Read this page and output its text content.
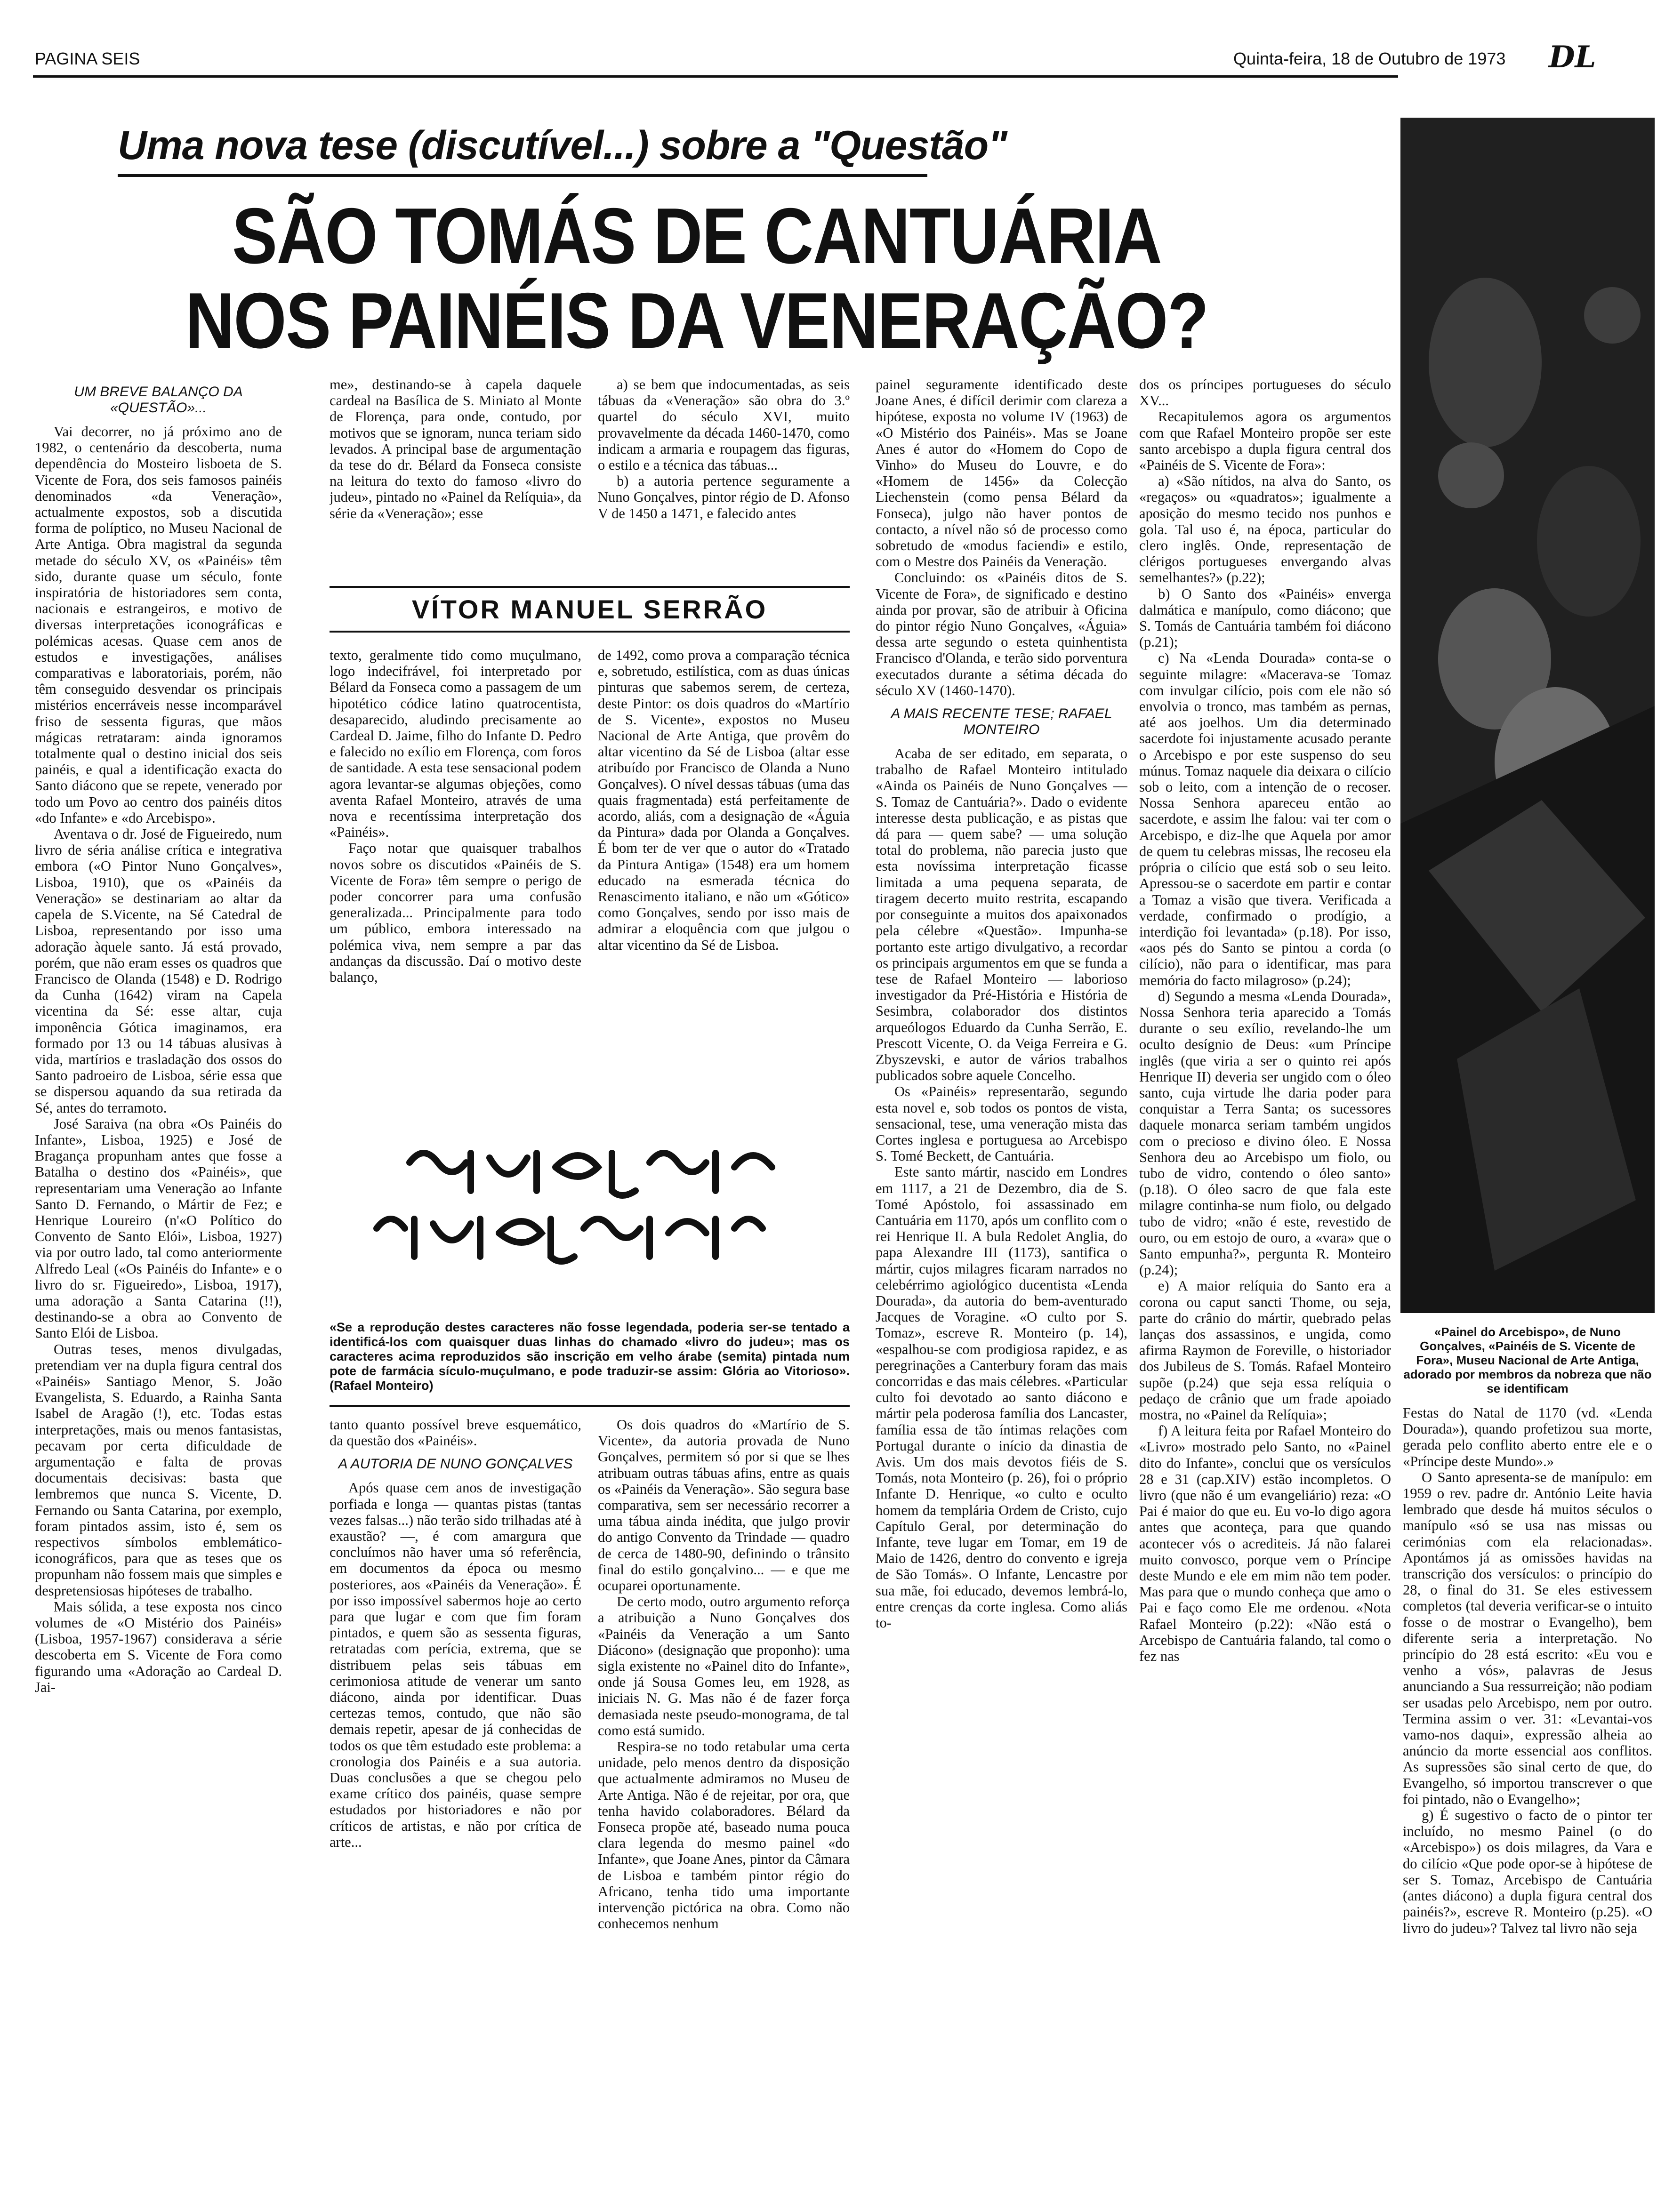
PAGINA SEIS	Quinta-feira, 18 de Outubro de 1973 DL
«Painel do Arcebispo», de Nuno Gonçalves, «Painéis de S. Vicente de Fora», Museu Nacional de Arte Antiga, adorado por membros da nobreza que não se identificam
Uma nova tese (discutível...) sobre a "Questão"
SÃO TOMÁS DE CANTUÁRIA
NOS PAINÉIS DA VENERAÇÃO?
UM BREVE BALANÇO DA «QUESTÃO»...

Vai decorrer, no já próximo ano de 1982, o centenário da descoberta, numa dependência do Mosteiro lisboeta de S. Vicente de Fora, dos seis famosos painéis denominados «da Veneração», actualmente expostos, sob a discutida forma de políptico, no Museu Nacional de Arte Antiga. Obra magistral da segunda metade do século XV, os «Painéis» têm sido, durante quase um século, fonte inspiratória de historiadores sem conta, nacionais e estrangeiros, e motivo de diversas interpretações iconográficas e polémicas acesas. Quase cem anos de estudos e investigações, análises comparativas e laboratoriais, porém, não têm conseguido desvendar os principais mistérios encerráveis nesse incomparável friso de sessenta figuras, que mãos mágicas retrataram: ainda ignoramos totalmente qual o destino inicial dos seis painéis, e qual a identificação exacta do Santo diácono que se repete, venerado por todo um Povo ao centro dos painéis ditos «do Infante» e «do Arcebispo».

Aventava o dr. José de Figueiredo, num livro de séria análise crítica e integrativa embora («O Pintor Nuno Gonçalves», Lisboa, 1910), que os «Painéis da Veneração» se destinariam ao altar da capela de S.Vicente, na Sé Catedral de Lisboa, representando por isso uma adoração àquele santo. Já está provado, porém, que não eram esses os quadros que Francisco de Olanda (1548) e D. Rodrigo da Cunha (1642) viram na Capela vicentina da Sé: esse altar, cuja imponência Gótica imaginamos, era formado por 13 ou 14 tábuas alusivas à vida, martírios e trasladação dos ossos do Santo padroeiro de Lisboa, série essa que se dispersou aquando da sua retirada da Sé, antes do terramoto.

José Saraiva (na obra «Os Painéis do Infante», Lisboa, 1925) e José de Bragança propunham antes que fosse a Batalha o destino dos «Painéis», que representariam uma Veneração ao Infante Santo D. Fernando, o Mártir de Fez; e Henrique Loureiro (n'«O Político do Convento de Santo Elói», Lisboa, 1927) via por outro lado, tal como anteriormente Alfredo Leal («Os Painéis do Infante» e o livro do sr. Figueiredo», Lisboa, 1917), uma adoração a Santa Catarina (!!), destinando-se a obra ao Convento de Santo Elói de Lisboa.

Outras teses, menos divulgadas, pretendiam ver na dupla figura central dos «Painéis» Santiago Menor, S. João Evangelista, S. Eduardo, a Rainha Santa Isabel de Aragão (!), etc. Todas estas interpretações, mais ou menos fantasistas, pecavam por certa dificuldade de argumentação e falta de provas documentais decisivas: basta que lembremos que nunca S. Vicente, D. Fernando ou Santa Catarina, por exemplo, foram pintados assim, isto é, sem os respectivos símbolos emblemático-iconográficos, para que as teses que os propunham não fossem mais que simples e despretensiosas hipóteses de trabalho.

Mais sólida, a tese exposta nos cinco volumes de «O Mistério dos Painéis» (Lisboa, 1957-1967) considerava a série descoberta em S. Vicente de Fora como figurando uma «Adoração ao Cardeal D. Jai-

me», destinando-se à capela daquele cardeal na Basílica de S. Miniato al Monte de Florença, para onde, contudo, por motivos que se ignoram, nunca teriam sido levados. A principal base de argumentação da tese do dr. Bélard da Fonseca consiste na leitura do texto do famoso «livro do judeu», pintado no «Painel da Relíquia», da série da «Veneração»; esse

a) se bem que indocumentadas, as seis tábuas da «Veneração» são obra do 3.º quartel do século XVI, muito provavelmente da década 1460-1470, como indicam a armaria e roupagem das figuras, o estilo e a técnica das tábuas...

b) a autoria pertence seguramente a Nuno Gonçalves, pintor régio de D. Afonso V de 1450 a 1471, e falecido antes

VÍTOR MANUEL SERRÃO

texto, geralmente tido como muçulmano, logo indecifrável, foi interpretado por Bélard da Fonseca como a passagem de um hipotético códice latino quatrocentista, desaparecido, aludindo precisamente ao Cardeal D. Jaime, filho do Infante D. Pedro e falecido no exílio em Florença, com foros de santidade. A esta tese sensacional podem agora levantar-se algumas objeções, como aventa Rafael Monteiro, através de uma nova e recentíssima interpretação dos «Painéis».

Faço notar que quaisquer trabalhos novos sobre os discutidos «Painéis de S. Vicente de Fora» têm sempre o perigo de poder concorrer para uma confusão generalizada... Principalmente para todo um público, embora interessado na polémica viva, nem sempre a par das andanças da discussão. Daí o motivo deste balanço,

de 1492, como prova a comparação técnica e, sobretudo, estilística, com as duas únicas pinturas que sabemos serem, de certeza, deste Pintor: os dois quadros do «Martírio de S. Vicente», expostos no Museu Nacional de Arte Antiga, que provêm do altar vicentino da Sé de Lisboa (altar esse atribuído por Francisco de Olanda a Nuno Gonçalves). O nível dessas tábuas (uma das quais fragmentada) está perfeitamente de acordo, aliás, com a designação de «Águia da Pintura» dada por Olanda a Gonçalves. É bom ter de ver que o autor do «Tratado da Pintura Antiga» (1548) era um homem educado na esmerada técnica do Renascimento italiano, e não um «Gótico» como Gonçalves, sendo por isso mais de admirar a eloquência com que julgou o altar vicentino da Sé de Lisboa.

«Se a reprodução destes caracteres não fosse legendada, poderia ser-se tentado a identificá-los com quaisquer duas linhas do chamado «livro do judeu»; mas os caracteres acima reproduzidos são inscrição em velho árabe (semita) pintada num pote de farmácia sículo-muçulmano, e pode traduzir-se assim: Glória ao Vitorioso». (Rafael Monteiro)

tanto quanto possível breve esquemático, da questão dos «Painéis».

A AUTORIA DE NUNO GONÇALVES

Após quase cem anos de investigação porfiada e longa — quantas pistas (tantas vezes falsas...) não terão sido trilhadas até à exaustão? —, é com amargura que concluímos não haver uma só referência, em documentos da época ou mesmo posteriores, aos «Painéis da Veneração». É por isso impossível sabermos hoje ao certo para que lugar e com que fim foram pintados, e quem são as sessenta figuras, retratadas com perícia, extrema, que se distribuem pelas seis tábuas em cerimoniosa atitude de venerar um santo diácono, ainda por identificar. Duas certezas temos, contudo, que não são demais repetir, apesar de já conhecidas de todos os que têm estudado este problema: a cronologia dos Painéis e a sua autoria. Duas conclusões a que se chegou pelo exame crítico dos painéis, quase sempre estudados por historiadores e não por críticos de artistas, e não por crítica de arte...

Os dois quadros do «Martírio de S. Vicente», da autoria provada de Nuno Gonçalves, permitem só por si que se lhes atribuam outras tábuas afins, entre as quais os «Painéis da Veneração». São segura base comparativa, sem ser necessário recorrer a uma tábua ainda inédita, que julgo provir do antigo Convento da Trindade — quadro de cerca de 1480-90, definindo o trânsito final do estilo gonçalvino... — e que me ocuparei oportunamente.

De certo modo, outro argumento reforça a atribuição a Nuno Gonçalves dos «Painéis da Veneração a um Santo Diácono» (designação que proponho): uma sigla existente no «Painel dito do Infante», onde já Sousa Gomes leu, em 1928, as iniciais N. G. Mas não é de fazer força demasiada neste pseudo-monograma, de tal como está sumido.

Respira-se no todo retabular uma certa unidade, pelo menos dentro da disposição que actualmente admiramos no Museu de Arte Antiga. Não é de rejeitar, por ora, que tenha havido colaboradores. Bélard da Fonseca propõe até, baseado numa pouca clara legenda do mesmo painel «do Infante», que Joane Anes, pintor da Câmara de Lisboa e também pintor régio do Africano, tenha tido uma importante intervenção pictórica na obra. Como não conhecemos nenhum

painel seguramente identificado deste Joane Anes, é difícil derimir com clareza a hipótese, exposta no volume IV (1963) de «O Mistério dos Painéis». Mas se Joane Anes é autor do «Homem do Copo de Vinho» do Museu do Louvre, e do «Homem de 1456» da Colecção Liechenstein (como pensa Bélard da Fonseca), julgo não haver pontos de contacto, a nível não só de processo como sobretudo de «modus faciendi» e estilo, com o Mestre dos Painéis da Veneração.

Concluindo: os «Painéis ditos de S. Vicente de Fora», de significado e destino ainda por provar, são de atribuir à Oficina do pintor régio Nuno Gonçalves, «Águia» dessa arte segundo o esteta quinhentista Francisco d'Olanda, e terão sido porventura executados durante a sétima década do século XV (1460-1470).

A MAIS RECENTE TESE; RAFAEL MONTEIRO

Acaba de ser editado, em separata, o trabalho de Rafael Monteiro intitulado «Ainda os Painéis de Nuno Gonçalves — S. Tomaz de Cantuária?». Dado o evidente interesse desta publicação, e as pistas que dá para — quem sabe? — uma solução total do problema, não parecia justo que esta novíssima interpretação ficasse limitada a uma pequena separata, de tiragem decerto muito restrita, escapando por conseguinte a muitos dos apaixonados pela célebre «Questão». Impunha-se portanto este artigo divulgativo, a recordar os principais argumentos em que se funda a tese de Rafael Monteiro — laborioso investigador da Pré-História e História de Sesimbra, colaborador dos distintos arqueólogos Eduardo da Cunha Serrão, E. Prescott Vicente, O. da Veiga Ferreira e G. Zbyszevski, e autor de vários trabalhos publicados sobre aquele Concelho.

Os «Painéis» representarão, segundo esta novel e, sob todos os pontos de vista, sensacional, tese, uma veneração mista das Cortes inglesa e portuguesa ao Arcebispo S. Tomé Beckett, de Cantuária.

Este santo mártir, nascido em Londres em 1117, a 21 de Dezembro, dia de S. Tomé Apóstolo, foi assassinado em Cantuária em 1170, após um conflito com o rei Henrique II. A bula Redolet Anglia, do papa Alexandre III (1173), santifica o mártir, cujos milagres ficaram narrados no celebérrimo agiológico ducentista «Lenda Dourada», da autoria do bem-aventurado Jacques de Voragine. «O culto por S. Tomaz», escreve R. Monteiro (p. 14), «espalhou-se com prodigiosa rapidez, e as peregrinações a Canterbury foram das mais concorridas e das mais célebres. «Particular culto foi devotado ao santo diácono e mártir pela poderosa família dos Lancaster, família essa de tão íntimas relações com Portugal durante o início da dinastia de Avis. Um dos mais devotos fiéis de S. Tomás, nota Monteiro (p. 26), foi o próprio Infante D. Henrique, «o culto e oculto homem da templária Ordem de Cristo, cujo Capítulo Geral, por determinação do Infante, teve lugar em Tomar, em 19 de Maio de 1426, dentro do convento e igreja de São Tomás». O Infante, Lencastre por sua mãe, foi educado, devemos lembrá-lo, entre crenças da corte inglesa. Como aliás to-

dos os príncipes portugueses do século XV...

Recapitulemos agora os argumentos com que Rafael Monteiro propõe ser este santo arcebispo a dupla figura central dos «Painéis de S. Vicente de Fora»:

a) «São nítidos, na alva do Santo, os «regaços» ou «quadratos»; igualmente a aposição do mesmo tecido nos punhos e gola. Tal uso é, na época, particular do clero inglês. Onde, representação de clérigos portugueses envergando alvas semelhantes?» (p.22);

b) O Santo dos «Painéis» enverga dalmática e manípulo, como diácono; que S. Tomás de Cantuária também foi diácono (p.21);

c) Na «Lenda Dourada» conta-se o seguinte milagre: «Macerava-se Tomaz com invulgar cilício, pois com ele não só envolvia o tronco, mas também as pernas, até aos joelhos. Um dia determinado sacerdote foi injustamente acusado perante o Arcebispo e por este suspenso do seu múnus. Tomaz naquele dia deixara o cilício sob o leito, com a intenção de o recoser. Nossa Senhora apareceu então ao sacerdote, e assim lhe falou: vai ter com o Arcebispo, e diz-lhe que Aquela por amor de quem tu celebras missas, lhe recoseu ela própria o cilício que está sob o seu leito. Apressou-se o sacerdote em partir e contar a Tomaz a visão que tivera. Verificada a verdade, confirmado o prodígio, a interdição foi levantada» (p.18). Por isso, «aos pés do Santo se pintou a corda (o cilício), não para o identificar, mas para memória do facto milagroso» (p.24);

d) Segundo a mesma «Lenda Dourada», Nossa Senhora teria aparecido a Tomás durante o seu exílio, revelando-lhe um oculto desígnio de Deus: «um Príncipe inglês (que viria a ser o quinto rei após Henrique II) deveria ser ungido com o óleo santo, cuja virtude lhe daria poder para conquistar a Terra Santa; os sucessores daquele monarca seriam também ungidos com o precioso e divino óleo. E Nossa Senhora deu ao Arcebispo um fiolo, ou tubo de vidro, contendo o óleo santo» (p.18). O óleo sacro de que fala este milagre continha-se num fiolo, ou delgado tubo de vidro; «não é este, revestido de ouro, ou em estojo de ouro, a «vara» que o Santo empunha?», pergunta R. Monteiro (p.24);

e) A maior relíquia do Santo era a corona ou caput sancti Thome, ou seja, parte do crânio do mártir, quebrado pelas lanças dos assassinos, e ungida, como afirma Raymon de Foreville, o historiador dos Jubileus de S. Tomás. Rafael Monteiro supõe (p.24) que seja essa relíquia o pedaço de crânio que um frade apoiado mostra, no «Painel da Relíquia»;

f) A leitura feita por Rafael Monteiro do «Livro» mostrado pelo Santo, no «Painel dito do Infante», conclui que os versículos 28 e 31 (cap.XIV) estão incompletos. O livro (que não é um evangeliário) reza: «O Pai é maior do que eu. Eu vo-lo digo agora antes que aconteça, para que quando acontecer vós o acrediteis. Já não falarei muito convosco, porque vem o Príncipe deste Mundo e ele em mim não tem poder. Mas para que o mundo conheça que amo o Pai e faço como Ele me ordenou. «Nota Rafael Monteiro (p.22): «Não está o Arcebispo de Cantuária falando, tal como o fez nas

Festas do Natal de 1170 (vd. «Lenda Dourada»), quando profetizou sua morte, gerada pelo conflito aberto entre ele e o «Príncipe deste Mundo».»

O Santo apresenta-se de manípulo: em 1959 o rev. padre dr. António Leite havia lembrado que desde há muitos séculos o manípulo «só se usa nas missas ou cerimónias com ela relacionadas». Apontámos já as omissões havidas na transcrição dos versículos: o princípio do 28, o final do 31. Se eles estivessem completos (tal deveria verificar-se o intuito fosse o de mostrar o Evangelho), bem diferente seria a interpretação. No princípio do 28 está escrito: «Eu vou e venho a vós», palavras de Jesus anunciando a Sua ressurreição; não podiam ser usadas pelo Arcebispo, nem por outro. Termina assim o ver. 31: «Levantai-vos vamo-nos daqui», expressão alheia ao anúncio da morte essencial aos conflitos. As supressões são sinal certo de que, do Evangelho, só importou transcrever o que foi pintado, não o Evangelho»;

g) É sugestivo o facto de o pintor ter incluído, no mesmo Painel (o do «Arcebispo») os dois milagres, da Vara e do cilício «Que pode opor-se à hipótese de ser S. Tomaz, Arcebispo de Cantuária (antes diácono) a dupla figura central dos painéis?», escreve R. Monteiro (p.25). «O livro do judeu»? Talvez tal livro não seja
